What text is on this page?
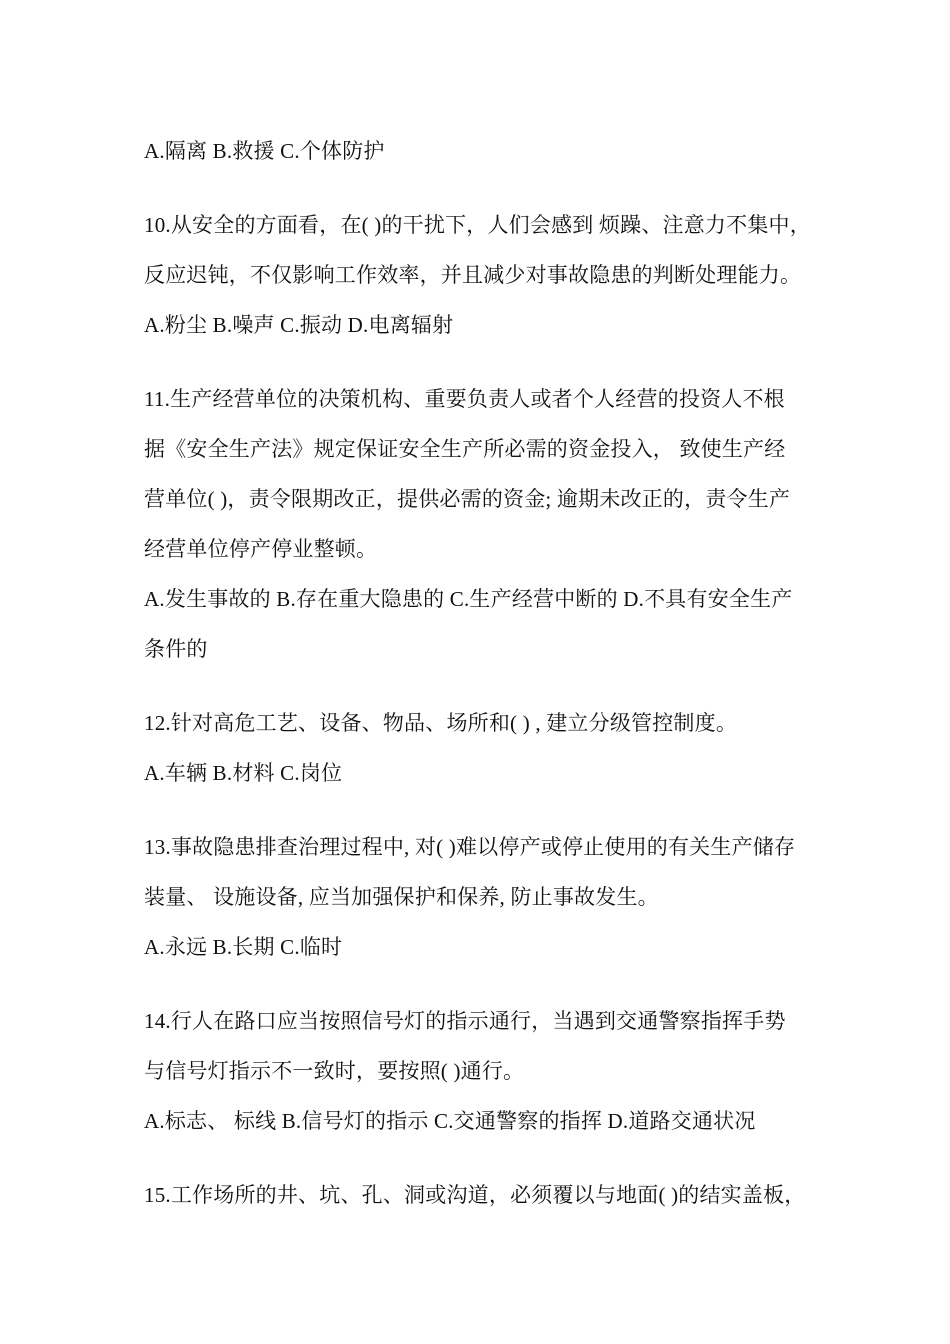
A.隔离 B.救援 C.个体防护
10.从安全的方面看，在( )的干扰下，人们会感到 烦躁、注意力不集中，
反应迟钝，不仅影响工作效率，并且减少对事故隐患的判断处理能力。
A.粉尘 B.噪声 C.振动 D.电离辐射
11.生产经营单位的决策机构、重要负责人或者个人经营的投资人不根
据《安全生产法》规定保证安全生产所必需的资金投入， 致使生产经
营单位( )，责令限期改正，提供必需的资金; 逾期未改正的，责令生产
经营单位停产停业整顿。
A.发生事故的 B.存在重大隐患的 C.生产经营中断的 D.不具有安全生产
条件的
12.针对高危工艺、设备、物品、场所和( ) , 建立分级管控制度。
A.车辆 B.材料 C.岗位
13.事故隐患排查治理过程中, 对( )难以停产或停止使用的有关生产储存
装量、 设施设备, 应当加强保护和保养, 防止事故发生。
A.永远 B.长期 C.临时
14.行人在路口应当按照信号灯的指示通行，当遇到交通警察指挥手势
与信号灯指示不一致时，要按照( )通行。
A.标志、 标线 B.信号灯的指示 C.交通警察的指挥 D.道路交通状况
15.工作场所的井、坑、孔、洞或沟道，必须覆以与地面( )的结实盖板，
